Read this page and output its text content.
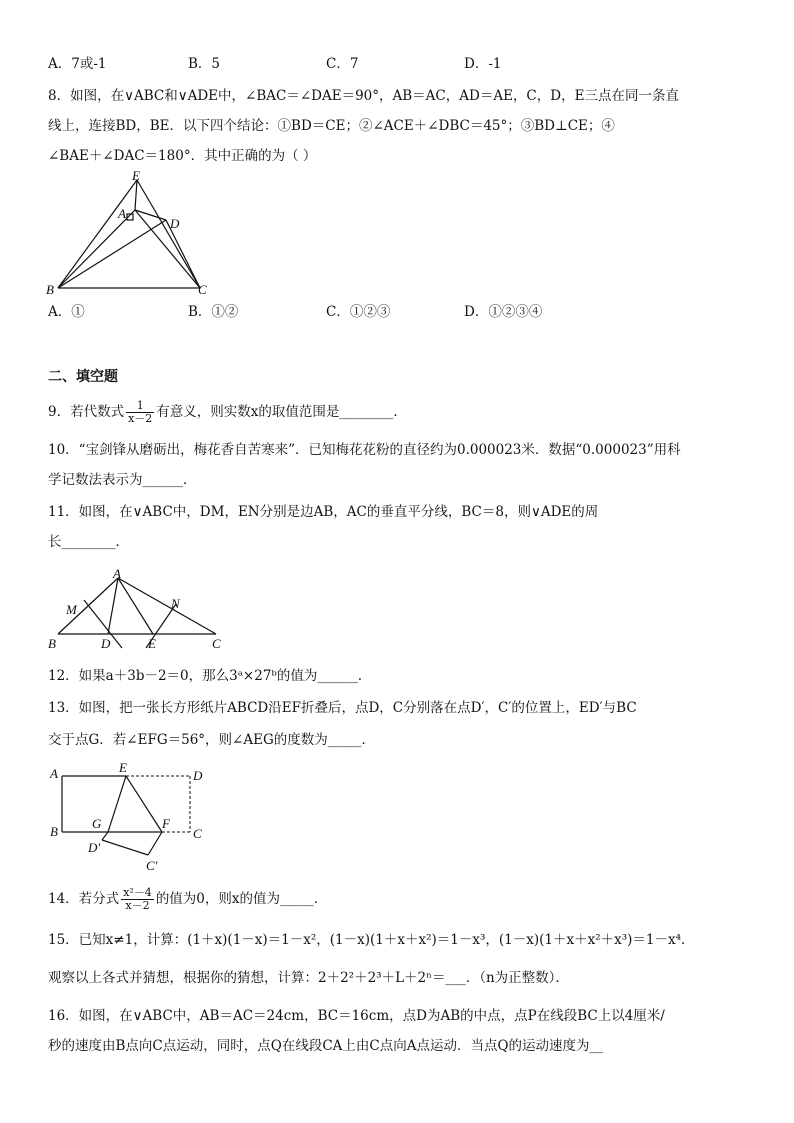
A．7或-1	B．5	C．7	D．-1
8．如图，在∨ABC和∨ADE中，∠BAC＝∠DAE＝90°，AB＝AC，AD＝AE，C，D，E三点在同一条直
线上，连接BD，BE．以下四个结论：①BD＝CE；②∠ACE＋∠DBC＝45°；③BD⊥CE；④
∠BAE＋∠DAC＝180°．其中正确的为（ ）
E
A
D
B	C
A．①	B．①②	C．①②③	D．①②③④
二、填空题
9．若代数式 $\frac{1}{x-2}$ 有意义，则实数x的取值范围是________．
10．“宝剑锋从磨砺出，梅花香自苦寒来”．已知梅花花粉的直径约为0.000023米．数据“0.000023”用科
学记数法表示为______．
11．如图，在∨ABC中，DM，EN分别是边AB，AC的垂直平分线，BC＝8，则∨ADE的周
长________．
A
M	N
B	D	E	C
12．如果a＋3b－2＝0，那么3ᵃ×27ᵇ的值为______．
13．如图，把一张长方形纸片ABCD沿EF折叠后，点D，C分别落在点D′，C′的位置上，ED′与BC
交于点G．若∠EFG＝56°，则∠AEG的度数为_____．
A	E
D
B
G	F
C
D′
C′
14．若分式 $\frac{\text{x²－4}}{x-2}$ 的值为0，则x的值为_____．
15．已知x≠1，计算：(1＋x)(1－x)＝1－x²，(1－x)(1＋x＋x²)＝1－x³，(1－x)(1＋x＋x²＋x³)＝1－x⁴．
观察以上各式并猜想，根据你的猜想，计算：2＋2²＋2³＋L＋2ⁿ＝___．（n为正整数）．
16．如图，在∨ABC中，AB＝AC＝24cm，BC＝16cm，点D为AB的中点，点P在线段BC上以4厘米/
秒的速度由B点向C点运动，同时，点Q在线段CA上由C点向A点运动．当点Q的运动速度为__
